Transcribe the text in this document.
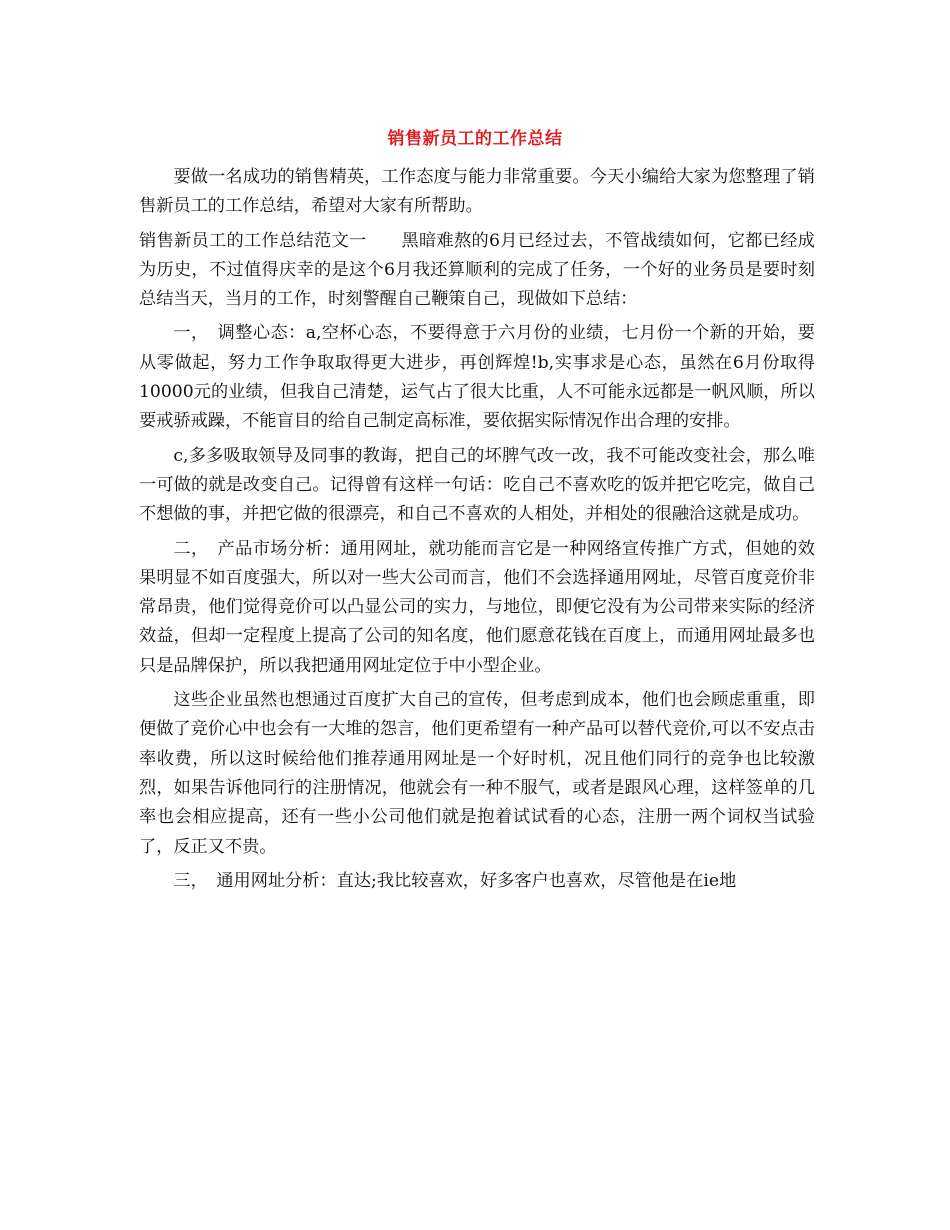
销售新员工的工作总结

要做一名成功的销售精英，工作态度与能力非常重要。今天小编给大家为您整理了销售新员工的工作总结，希望对大家有所帮助。

销售新员工的工作总结范文一　　黑暗难熬的6月已经过去，不管战绩如何，它都已经成为历史，不过值得庆幸的是这个6月我还算顺利的完成了任务，一个好的业务员是要时刻总结当天，当月的工作，时刻警醒自己鞭策自己，现做如下总结：

一，　调整心态：a,空杯心态，不要得意于六月份的业绩，七月份一个新的开始，要从零做起，努力工作争取取得更大进步，再创辉煌!b,实事求是心态，虽然在6月份取得10000元的业绩，但我自己清楚，运气占了很大比重，人不可能永远都是一帆风顺，所以要戒骄戒躁，不能盲目的给自己制定高标准，要依据实际情况作出合理的安排。

c,多多吸取领导及同事的教诲，把自己的坏脾气改一改，我不可能改变社会，那么唯一可做的就是改变自己。记得曾有这样一句话：吃自己不喜欢吃的饭并把它吃完，做自己不想做的事，并把它做的很漂亮，和自己不喜欢的人相处，并相处的很融洽这就是成功。

二，　产品市场分析：通用网址，就功能而言它是一种网络宣传推广方式，但她的效果明显不如百度强大，所以对一些大公司而言，他们不会选择通用网址，尽管百度竞价非常昂贵，他们觉得竞价可以凸显公司的实力，与地位，即便它没有为公司带来实际的经济效益，但却一定程度上提高了公司的知名度，他们愿意花钱在百度上，而通用网址最多也只是品牌保护，所以我把通用网址定位于中小型企业。

这些企业虽然也想通过百度扩大自己的宣传，但考虑到成本，他们也会顾虑重重，即便做了竞价心中也会有一大堆的怨言，他们更希望有一种产品可以替代竞价,可以不安点击率收费，所以这时候给他们推荐通用网址是一个好时机，况且他们同行的竞争也比较激烈，如果告诉他同行的注册情况，他就会有一种不服气，或者是跟风心理，这样签单的几率也会相应提高，还有一些小公司他们就是抱着试试看的心态，注册一两个词权当试验了，反正又不贵。

三，　通用网址分析：直达;我比较喜欢，好多客户也喜欢，尽管他是在ie地
